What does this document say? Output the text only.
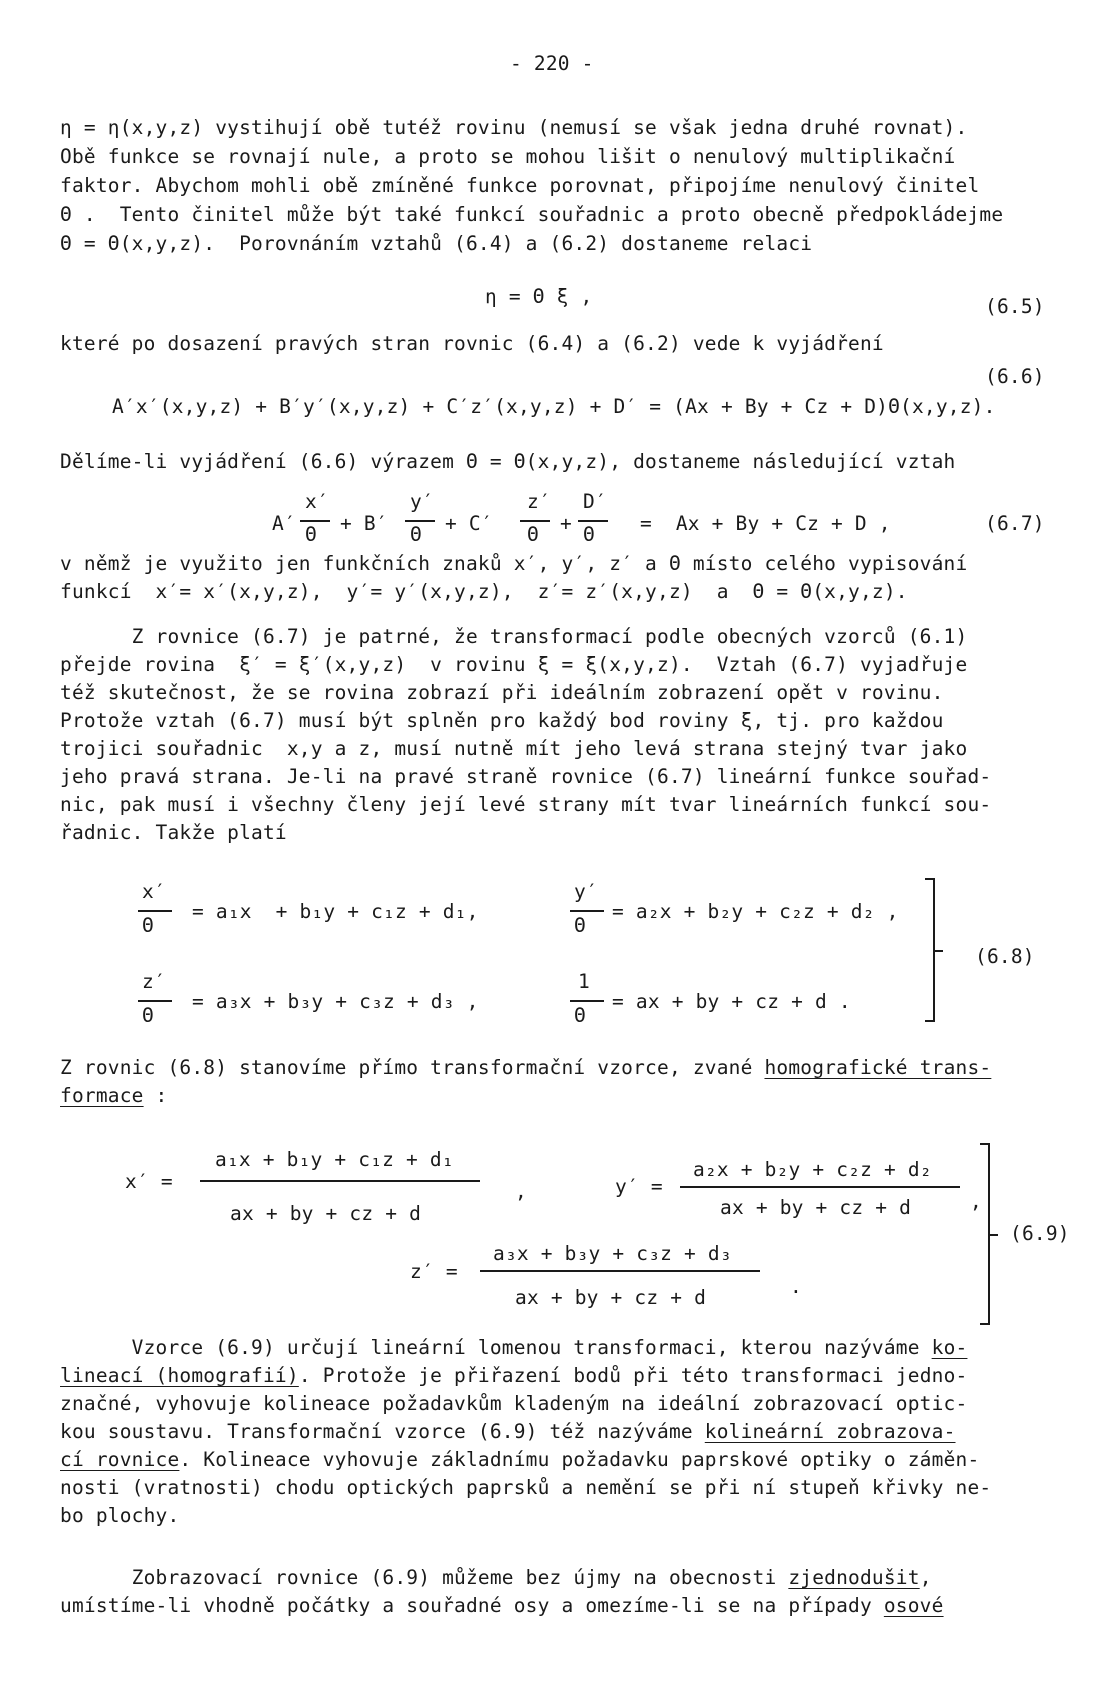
- 220 -
η = η(x,y,z) vystihují obě tutéž rovinu (nemusí se však jedna druhé rovnat).
Obě funkce se rovnají nule, a proto se mohou lišit o nenulový multiplikační
faktor. Abychom mohli obě zmíněné funkce porovnat, připojíme nenulový činitel
Θ .  Tento činitel může být také funkcí souřadnic a proto obecně předpokládejme
Θ = Θ(x,y,z).  Porovnáním vztahů (6.4) a (6.2) dostaneme relaci
η = Θ ξ ,	(6.5)
které po dosazení pravých stran rovnic (6.4) a (6.2) vede k vyjádření
(6.6)
A′x′(x,y,z) + B′y′(x,y,z) + C′z′(x,y,z) + D′ = (Ax + By + Cz + D)Θ(x,y,z).
Dělíme-li vyjádření (6.6) výrazem Θ = Θ(x,y,z), dostaneme následující vztah
A′
x′
Θ + B′
y′
Θ + C′
z′
Θ +
D′
Θ =  Ax + By + Cz + D ,	(6.7)
v němž je využito jen funkčních znaků x′, y′, z′ a Θ místo celého vypisování
funkcí  x′= x′(x,y,z),  y′= y′(x,y,z),  z′= z′(x,y,z)  a  Θ = Θ(x,y,z).
Z rovnice (6.7) je patrné, že transformací podle obecných vzorců (6.1)
přejde rovina  ξ′ = ξ′(x,y,z)  v rovinu ξ = ξ(x,y,z).  Vztah (6.7) vyjadřuje
též skutečnost, že se rovina zobrazí při ideálním zobrazení opět v rovinu.
Protože vztah (6.7) musí být splněn pro každý bod roviny ξ, tj. pro každou
trojici souřadnic  x,y a z, musí nutně mít jeho levá strana stejný tvar jako
jeho pravá strana. Je-li na pravé straně rovnice (6.7) lineární funkce souřad-
nic, pak musí i všechny členy její levé strany mít tvar lineárních funkcí sou-
řadnic. Takže platí
x′
Θ
= a₁x  + b₁y + c₁z + d₁,
y′
Θ
= a₂x + b₂y + c₂z + d₂ ,
z′
Θ
= a₃x + b₃y + c₃z + d₃ ,
1
Θ
= ax + by + cz + d .
(6.8)
Z rovnic (6.8) stanovíme přímo transformační vzorce, zvané homografické trans-
formace :
x′ =
a₁x + b₁y + c₁z + d₁
ax + by + cz + d
,	y′ =
a₂x + b₂y + c₂z + d₂
ax + by + cz + d	,
z′ =
a₃x + b₃y + c₃z + d₃
ax + by + cz + d	.
(6.9)
Vzorce (6.9) určují lineární lomenou transformaci, kterou nazýváme ko-
lineací (homografií). Protože je přiřazení bodů při této transformaci jedno-
značné, vyhovuje kolineace požadavkům kladeným na ideální zobrazovací optic-
kou soustavu. Transformační vzorce (6.9) též nazýváme kolineární zobrazova-
cí rovnice. Kolineace vyhovuje základnímu požadavku paprskové optiky o záměn-
nosti (vratnosti) chodu optických paprsků a nemění se při ní stupeň křivky ne-
bo plochy.
Zobrazovací rovnice (6.9) můžeme bez újmy na obecnosti zjednodušit,
umístíme-li vhodně počátky a souřadné osy a omezíme-li se na případy osové
